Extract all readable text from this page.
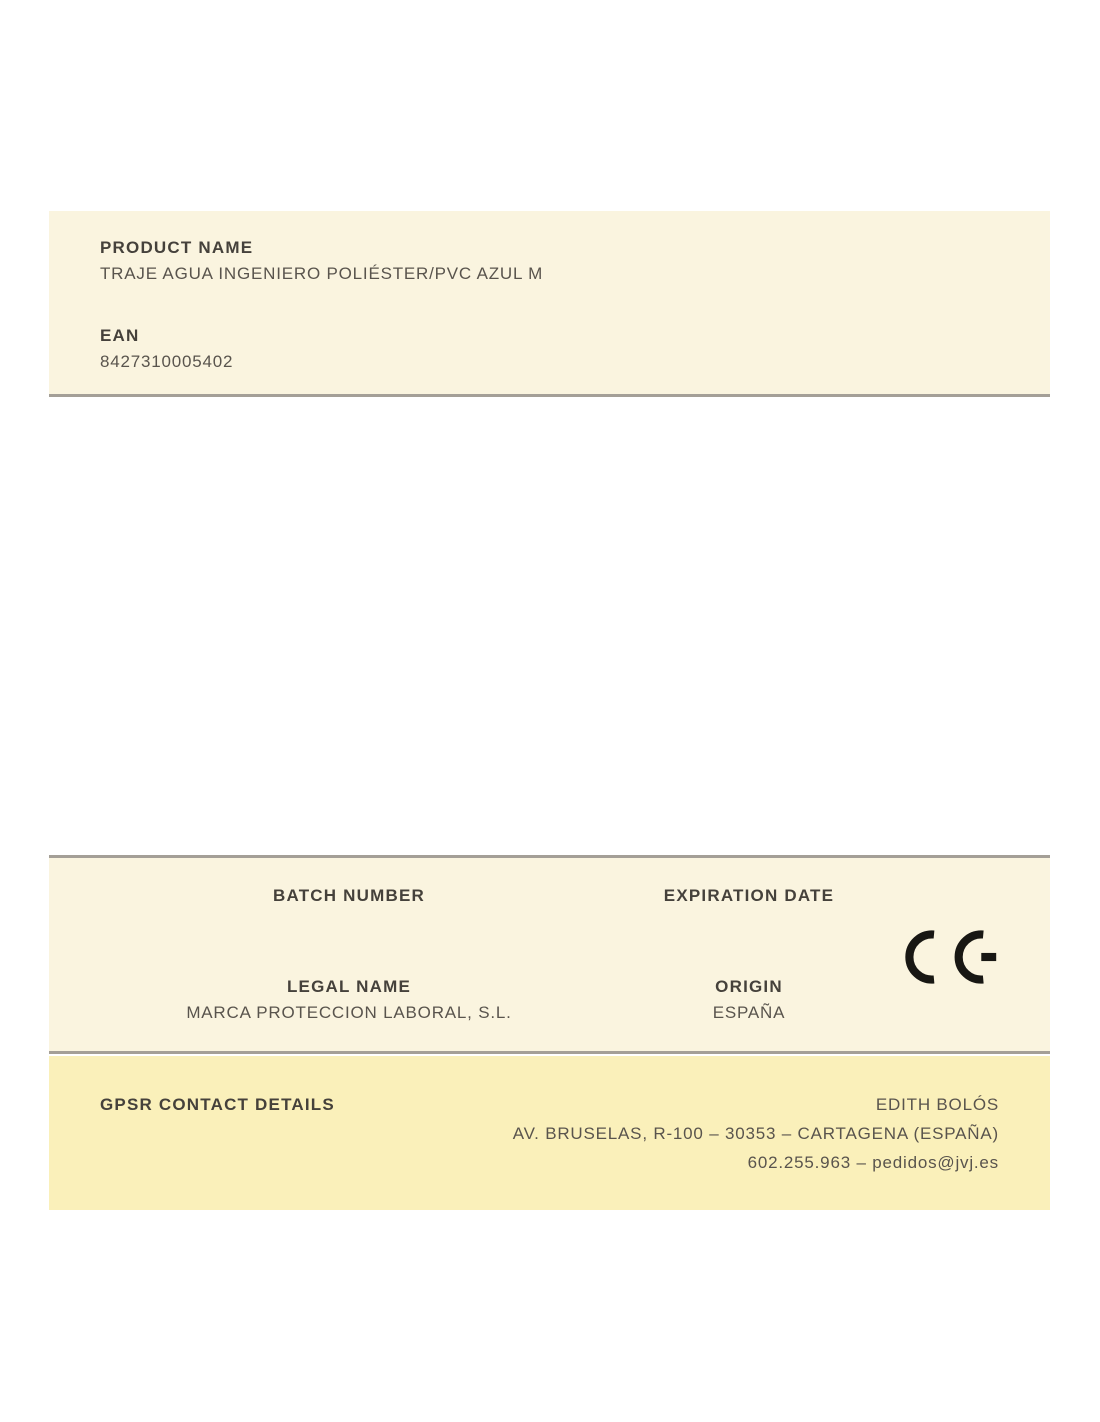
PRODUCT NAME
TRAJE AGUA INGENIERO POLIÉSTER/PVC AZUL M
EAN
8427310005402
BATCH NUMBER	EXPIRATION DATE
LEGAL NAME
MARCA PROTECCION LABORAL, S.L.
ORIGIN
ESPAÑA
GPSR CONTACT DETAILS	EDITH BOLÓS
AV. BRUSELAS, R-100 – 30353 – CARTAGENA (ESPAÑA)
602.255.963 – pedidos@jvj.es
